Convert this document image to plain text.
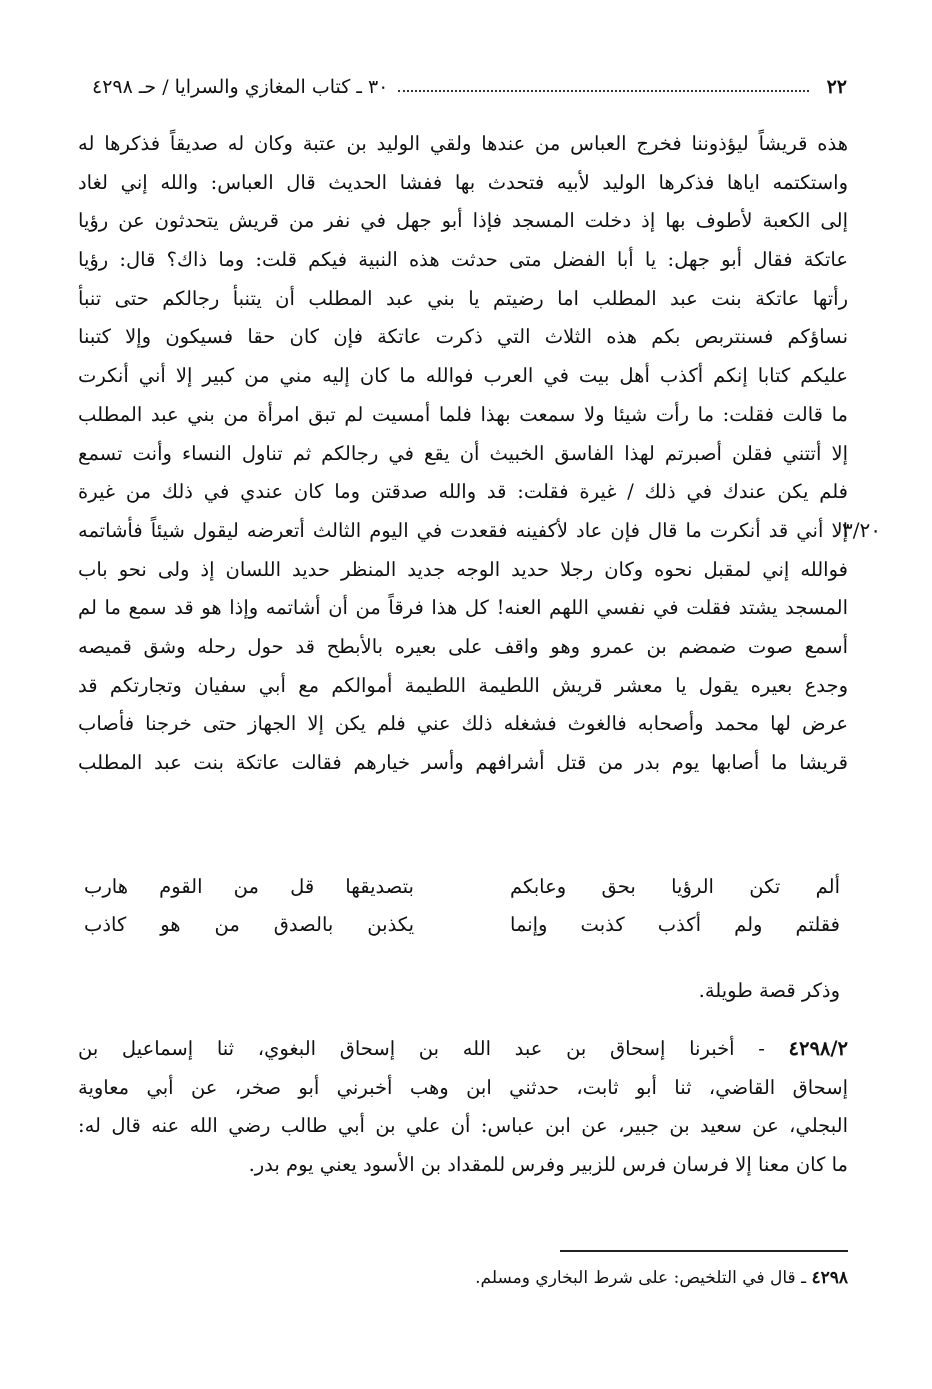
٢٢
٣٠ ـ كتاب المغازي والسرايا / حـ ٤٢٩٨
٣/٢٠
هذه قريشاً ليؤذوننا فخرج العباس من عندها ولقي الوليد بن عتبة وكان له صديقاً فذكرها له
واستكتمه اياها فذكرها الوليد لأبيه فتحدث بها ففشا الحديث قال العباس: والله إني لغاد
إلى الكعبة لأطوف بها إذ دخلت المسجد فإذا أبو جهل في نفر من قريش يتحدثون عن رؤيا
عاتكة فقال أبو جهل: يا أبا الفضل متى حدثت هذه النبية فيكم قلت: وما ذاك؟ قال: رؤيا
رأتها عاتكة بنت عبد المطلب اما رضيتم يا بني عبد المطلب أن يتنبأ رجالكم حتى تنبأ
نساؤكم فسنتربص بكم هذه الثلاث التي ذكرت عاتكة فإن كان حقا فسيكون وإلا كتبنا
عليكم كتابا إنكم أكذب أهل بيت في العرب فوالله ما كان إليه مني من كبير إلا أني أنكرت
ما قالت فقلت: ما رأت شيئا ولا سمعت بهذا فلما أمسيت لم تبق امرأة من بني عبد المطلب
إلا أتتني فقلن أصبرتم لهذا الفاسق الخبيث أن يقع في رجالكم ثم تناول النساء وأنت تسمع
فلم يكن عندك في ذلك / غيرة فقلت: قد والله صدقتن وما كان عندي في ذلك من غيرة
إلا أني قد أنكرت ما قال فإن عاد لأكفينه فقعدت في اليوم الثالث أتعرضه ليقول شيئاً فأشاتمه
فوالله إني لمقبل نحوه وكان رجلا حديد الوجه جديد المنظر حديد اللسان إذ ولى نحو باب
المسجد يشتد فقلت في نفسي اللهم العنه! كل هذا فرقاً من أن أشاتمه وإذا هو قد سمع ما لم
أسمع صوت ضمضم بن عمرو وهو واقف على بعيره بالأبطح قد حول رحله وشق قميصه
وجدع بعيره يقول يا معشر قريش اللطيمة اللطيمة أموالكم مع أبي سفيان وتجارتكم قد
عرض لها محمد وأصحابه فالغوث فشغله ذلك عني فلم يكن إلا الجهاز حتى خرجنا فأصاب
قريشا ما أصابها يوم بدر من قتل أشرافهم وأسر خيارهم فقالت عاتكة بنت عبد المطلب
ألم تكن الرؤيا بحق وعابكم
بتصديقها قل من القوم هارب
فقلتم ولم أكذب كذبت وإنما
يكذبن بالصدق من هو كاذب
وذكر قصة طويلة.
٤٢٩٨/٢ - أخبرنا إسحاق بن عبد الله بن إسحاق البغوي، ثنا إسماعيل بن
إسحاق القاضي، ثنا أبو ثابت، حدثني ابن وهب أخبرني أبو صخر، عن أبي معاوية
البجلي، عن سعيد بن جبير، عن ابن عباس: أن علي بن أبي طالب رضي الله عنه قال له:
ما كان معنا إلا فرسان فرس للزبير وفرس للمقداد بن الأسود يعني يوم بدر.
٤٢٩٨ ـ قال في التلخيص: على شرط البخاري ومسلم.
